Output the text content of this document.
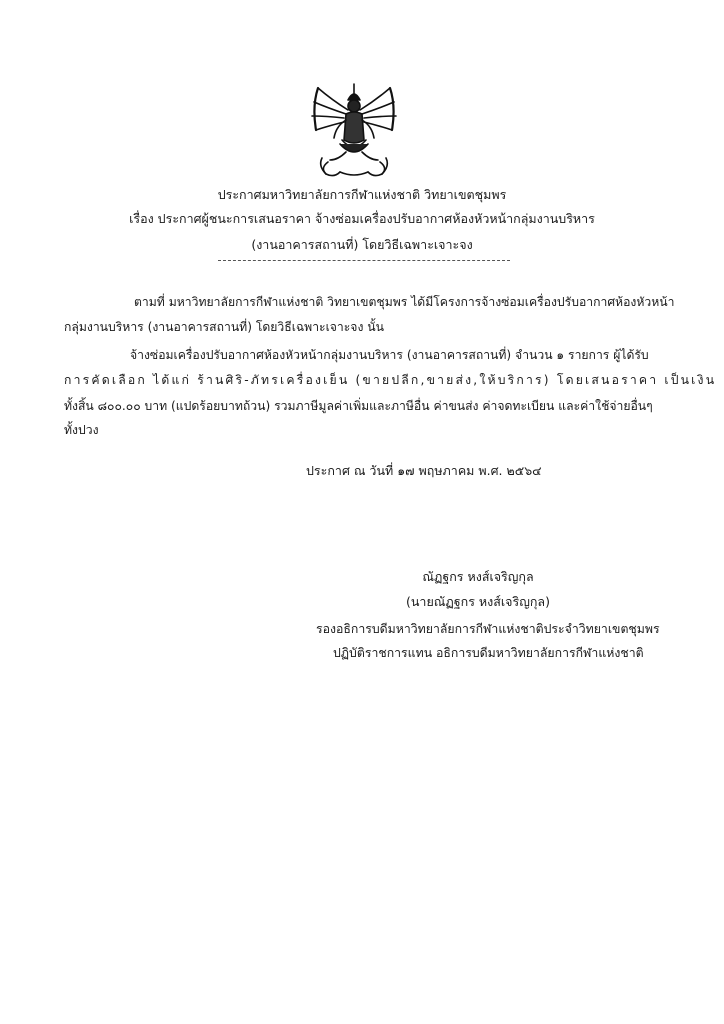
ประกาศมหาวิทยาลัยการกีฬาแห่งชาติ วิทยาเขตชุมพร
เรื่อง ประกาศผู้ชนะการเสนอราคา จ้างซ่อมเครื่องปรับอากาศห้องหัวหน้ากลุ่มงานบริหาร
(งานอาคารสถานที่) โดยวิธีเฉพาะเจาะจง
ตามที่ มหาวิทยาลัยการกีฬาแห่งชาติ วิทยาเขตชุมพร ได้มีโครงการจ้างซ่อมเครื่องปรับอากาศห้องหัวหน้า
กลุ่มงานบริหาร (งานอาคารสถานที่) โดยวิธีเฉพาะเจาะจง นั้น
จ้างซ่อมเครื่องปรับอากาศห้องหัวหน้ากลุ่มงานบริหาร (งานอาคารสถานที่) จำนวน ๑ รายการ ผู้ได้รับ
การคัดเลือก ได้แก่ ร้านศิริ-ภัทรเครื่องเย็น (ขายปลีก,ขายส่ง,ให้บริการ) โดยเสนอราคา เป็นเงิน
ทั้งสิ้น ๘๐๐.๐๐ บาท (แปดร้อยบาทถ้วน) รวมภาษีมูลค่าเพิ่มและภาษีอื่น ค่าขนส่ง ค่าจดทะเบียน และค่าใช้จ่ายอื่นๆ
ทั้งปวง
ประกาศ ณ วันที่ ๑๗ พฤษภาคม พ.ศ. ๒๕๖๔
ณัฏฐกร หงส์เจริญกุล
(นายณัฏฐกร หงส์เจริญกุล)
รองอธิการบดีมหาวิทยาลัยการกีฬาแห่งชาติประจำวิทยาเขตชุมพร
ปฏิบัติราชการแทน อธิการบดีมหาวิทยาลัยการกีฬาแห่งชาติ
